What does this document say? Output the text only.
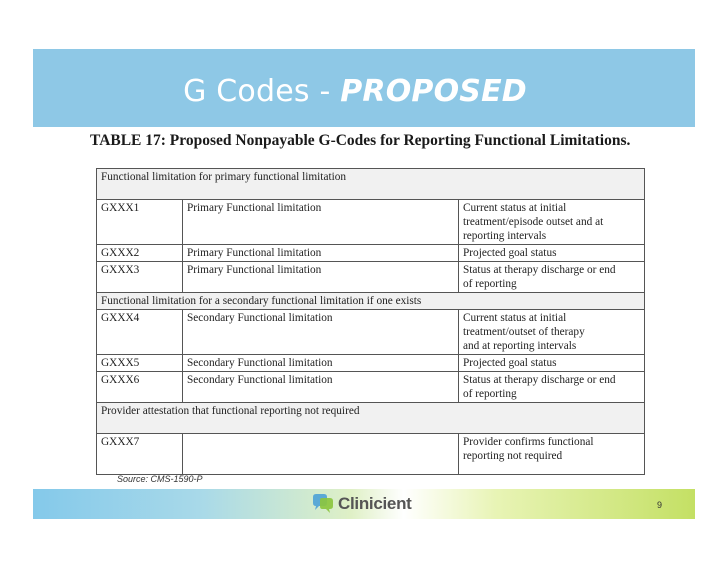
G Codes - PROPOSED
TABLE 17: Proposed Nonpayable G-Codes for Reporting Functional Limitations.
Functional limitation for primary functional limitation		
GXXX1	Primary Functional limitation	Current status at initial
treatment/episode outset and at
reporting intervals

GXXX2	Primary Functional limitation	Projected goal status

GXXX3	Primary Functional limitation	Status at therapy discharge or end
of reporting

Functional limitation for a secondary functional limitation if one exists		
GXXX4	Secondary Functional limitation	Current status at initial
treatment/outset of therapy
and at reporting intervals

GXXX5	Secondary Functional limitation	Projected goal status

GXXX6	Secondary Functional limitation	Status at therapy discharge or end
of reporting

Provider attestation that functional reporting not required		
GXXX7		Provider confirms functional
reporting not required
Source: CMS-1590-P
Clinicient	9
